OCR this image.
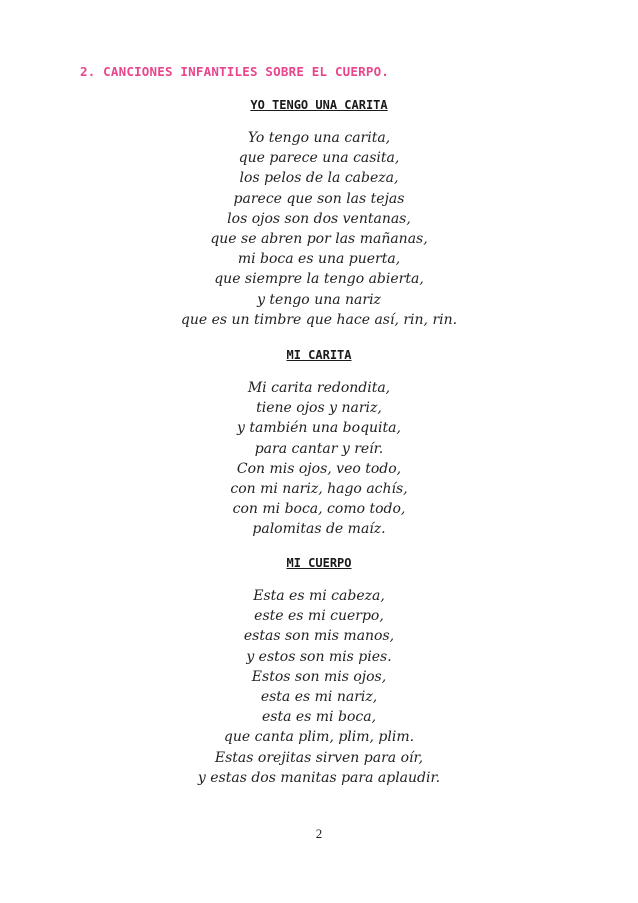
2. CANCIONES INFANTILES SOBRE EL CUERPO.
YO TENGO UNA CARITA
Yo tengo una carita,
que parece una casita,
los pelos de la cabeza,
parece que son las tejas
los ojos son dos ventanas,
que se abren por las mañanas,
mi boca es una puerta,
que siempre la tengo abierta,
y tengo una nariz
que es un timbre que hace así, rin, rin.
MI CARITA
Mi carita redondita,
tiene ojos y nariz,
y también una boquita,
para cantar y reír.
Con mis ojos, veo todo,
con mi nariz, hago achís,
con mi boca, como todo,
palomitas de maíz.
MI CUERPO
Esta es mi cabeza,
este es mi cuerpo,
estas son mis manos,
y estos son mis pies.
Estos son mis ojos,
esta es mi nariz,
esta es mi boca,
que canta plim, plim, plim.
Estas orejitas sirven para oír,
y estas dos manitas para aplaudir.
2
